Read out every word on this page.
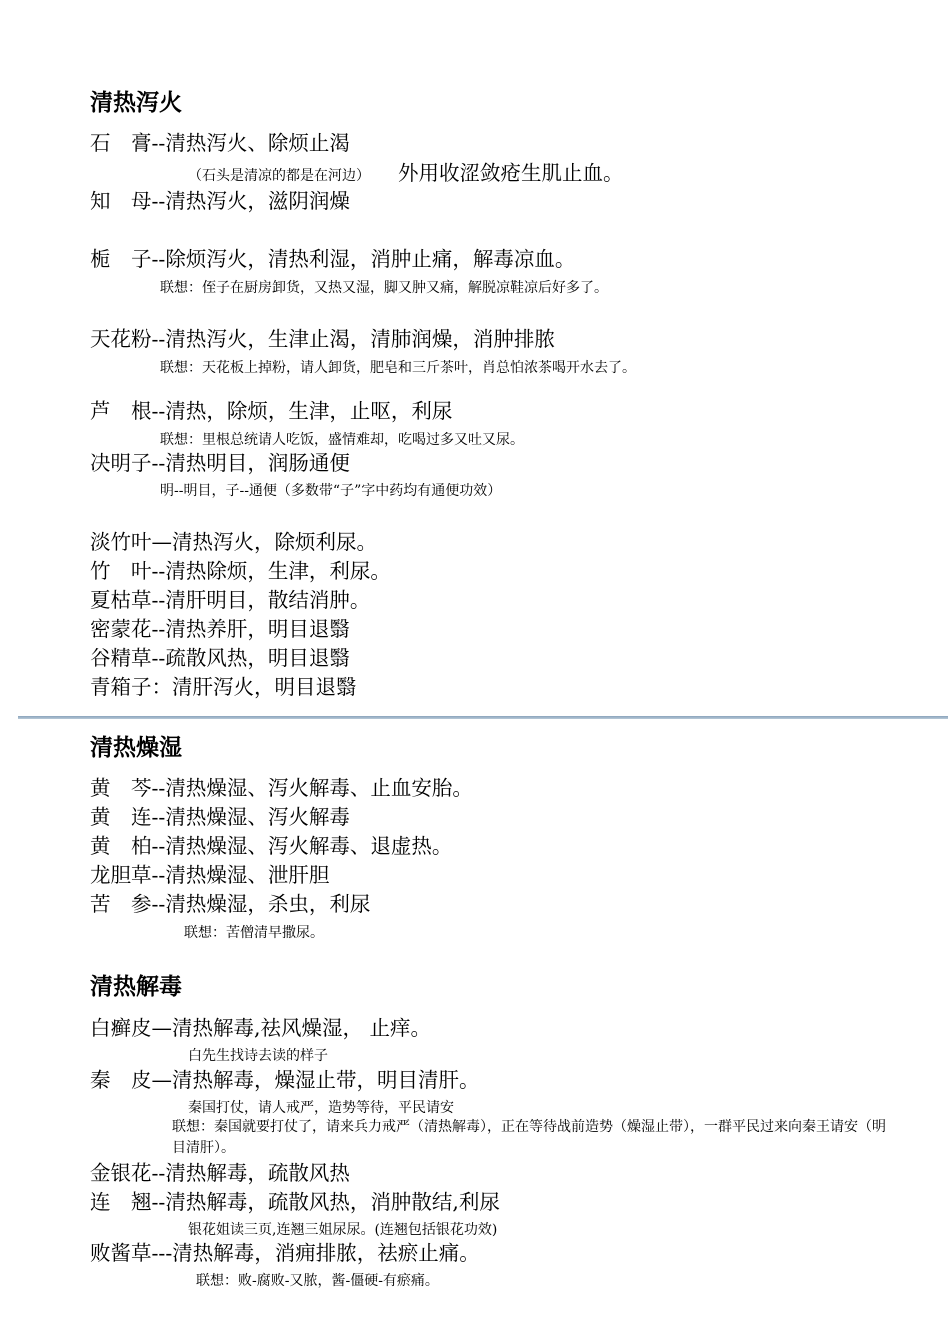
清热泻火
石　膏--清热泻火、除烦止渴
（石头是清凉的都是在河边） 外用收涩敛疮生肌止血。
知　母--清热泻火，滋阴润燥
栀　子--除烦泻火，清热利湿，消肿止痛，解毒凉血。
联想：侄子在厨房卸货，又热又湿，脚又肿又痛，解脱凉鞋凉后好多了。
天花粉--清热泻火，生津止渴，清肺润燥，消肿排脓
联想：天花板上掉粉，请人卸货，肥皂和三斤茶叶，肖总怕浓茶喝开水去了。
芦　根--清热，除烦，生津，止呕，利尿
联想：里根总统请人吃饭，盛情难却，吃喝过多又吐又尿。
决明子--清热明目，润肠通便
明--明目，子--通便（多数带“子”字中药均有通便功效）
淡竹叶—清热泻火，除烦利尿。
竹　叶--清热除烦，生津，利尿。
夏枯草--清肝明目，散结消肿。
密蒙花--清热养肝，明目退翳
谷精草--疏散风热，明目退翳
青箱子：清肝泻火，明目退翳
清热燥湿
黄　芩--清热燥湿、泻火解毒、止血安胎。
黄　连--清热燥湿、泻火解毒
黄　柏--清热燥湿、泻火解毒、退虚热。
龙胆草--清热燥湿、泄肝胆
苦　参--清热燥湿，杀虫，利尿
联想：苦僧清早撒尿。
清热解毒
白癣皮—清热解毒,祛风燥湿， 止痒。
白先生找诗去读的样子
秦　皮—清热解毒，燥湿止带，明目清肝。
秦国打仗，请人戒严，造势等待，平民请安
联想：秦国就要打仗了，请来兵力戒严（清热解毒），正在等待战前造势（燥湿止带），一群平民过来向秦王请安（明目清肝）。
金银花--清热解毒，疏散风热
连　翘--清热解毒，疏散风热，消肿散结,利尿
银花姐读三页,连翘三姐尿尿。(连翘包括银花功效)
败酱草---清热解毒，消痈排脓，祛瘀止痛。
联想：败-腐败-又脓，酱-僵硬-有瘀痛。
